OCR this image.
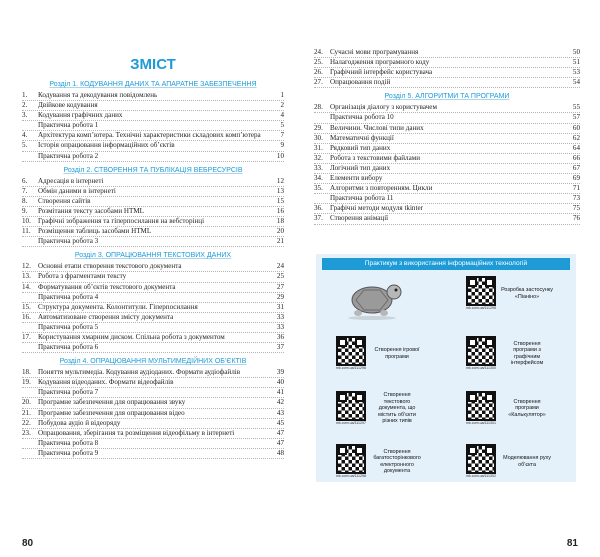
ЗМІСТ
Розділ 1. КОДУВАННЯ ДАНИХ ТА АПАРАТНЕ ЗАБЕЗПЕЧЕННЯ
1.	Кодування та декодування повідомлень	1
2.	Двійкове кодування	2
3.	Кодування графічних даних	4
Практична робота 1	5
4.	Архітектура комп’ютера. Технічні характеристики складових комп’ютера	7
5.	Історія опрацювання інформаційних об’єктів	9
Практична робота 2	10
Розділ 2. СТВОРЕННЯ ТА ПУБЛІКАЦІЯ ВЕБРЕСУРСІВ
6.	Адресація в інтернеті	12
7.	Обмін даними в інтернеті	13
8.	Створення сайтів	15
9.	Розмітання тексту засобами HTML	16
10.	Графічні зображення та гіперпосилання на вебсторінці	18
11.	Розміщення таблиць засобами HTML	20
Практична робота 3	21
Розділ 3. ОПРАЦЮВАННЯ ТЕКСТОВИХ ДАНИХ
12.	Основні етапи створення текстового документа	24
13.	Робота з фрагментами тексту	25
14.	Форматування об’єктів текстового документа	27
Практична робота 4	29
15.	Структура документа. Колонтитули. Гіперпосилання	31
16.	Автоматизоване створення змісту документа	33
Практична робота 5	33
17.	Користування хмарним диском. Спільна робота з документом	36
Практична робота 6	37
Розділ 4. ОПРАЦЮВАННЯ МУЛЬТИМЕДІЙНИХ ОБ’ЄКТІВ
18.	Поняття мультимедіа. Кодування аудіоданих. Формати аудіофайлів	39
19.	Кодування відеоданих. Формати відеофайлів	40
Практична робота 7	41
20.	Програмне забезпечення для опрацювання звуку	42
21.	Програмне забезпечення для опрацювання відео	43
22.	Побудова аудіо й відеоряду	45
23.	Опрацювання, зберігання та розміщення відеофільму в інтернеті	47
Практична робота 8	47
Практична робота 9	48
80
24.	Сучасні мови програмування	50
25.	Налагодження програмного коду	51
26.	Графічний інтерфейс користувача	53
27.	Опрацювання подій	54
Розділ 5. АЛГОРИТМИ ТА ПРОГРАМИ
28.	Організація діалогу з користувачем	55
Практична робота 10	57
29.	Величини. Числові типи даних	60
30.	Математичні функції	62
31.	Рядковий тип даних	64
32.	Робота з текстовими файлами	66
33.	Логічний тип даних	67
34.	Елементи вибору	69
35.	Алгоритми з повторенням. Цикли	71
Практична робота 11	73
36.	Графічні методи модуля tkinter	75
37.	Створення анімації	76
Практикум з використання інформаційних технологій
mk.com.ua/111295
Розробка застосунку «Піаніно»
mk.com.ua/111296
Створення ігрової програми
mk.com.ua/111300
Створення програми з графічним інтерфейсом
mk.com.ua/111297
Створення текстового документа, що містить об’єкти різних типів	mk.com.ua/111301
Створення програми «Калькулятор»
mk.com.ua/111298
Створення багатосторінкового електронного документа
mk.com.ua/111302
Моделювання руху об’єкта
81
